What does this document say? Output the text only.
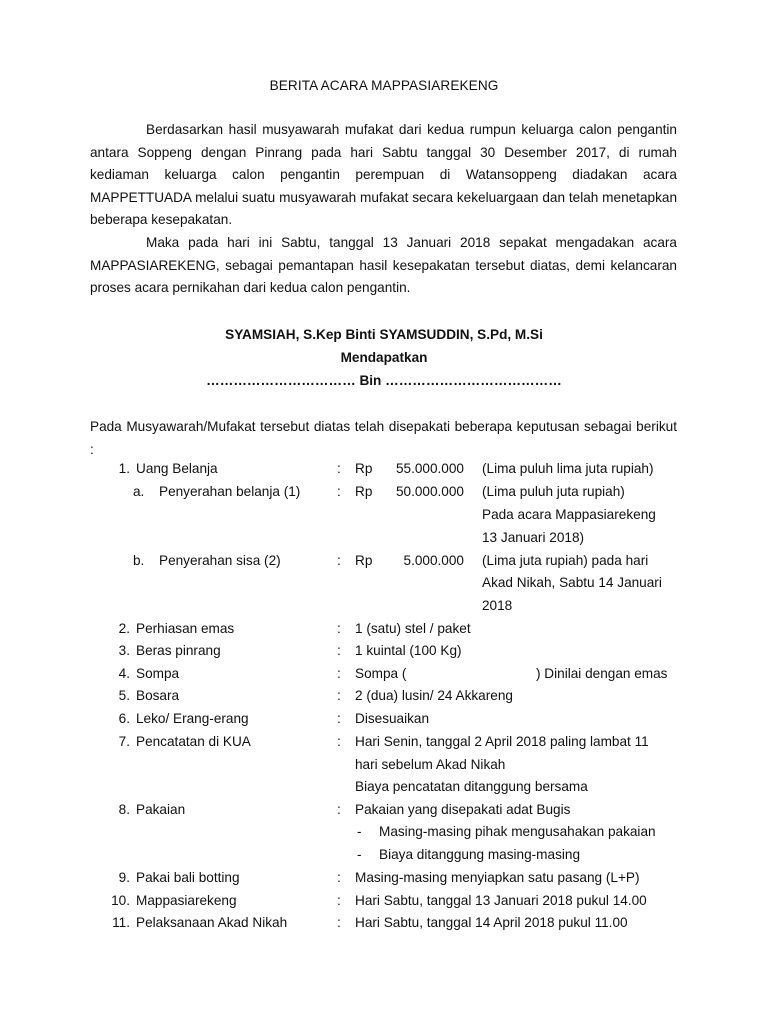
BERITA ACARA MAPPASIAREKENG
Berdasarkan hasil musyawarah mufakat dari kedua rumpun keluarga calon pengantin antara Soppeng dengan Pinrang pada hari Sabtu tanggal 30 Desember 2017, di rumah kediaman keluarga calon pengantin perempuan di Watansoppeng diadakan acara MAPPETTUADA melalui suatu musyawarah mufakat secara kekeluargaan dan telah menetapkan beberapa kesepakatan.
Maka pada hari ini Sabtu, tanggal 13 Januari 2018 sepakat mengadakan acara MAPPASIAREKENG, sebagai pemantapan hasil kesepakatan tersebut diatas, demi kelancaran proses acara pernikahan dari kedua calon pengantin.
SYAMSIAH, S.Kep Binti SYAMSUDDIN, S.Pd, M.Si
Mendapatkan
…………………………… Bin …………………………………
Pada Musyawarah/Mufakat tersebut diatas telah disepakati beberapa keputusan sebagai berikut :
1. Uang Belanja	: Rp	55.000.000 (Lima puluh lima juta rupiah)
a. Penyerahan belanja (1)	: Rp	50.000.000 (Lima puluh juta rupiah)
Pada acara Mappasiarekeng
13 Januari 2018)
b. Penyerahan sisa (2)	: Rp	5.000.000 (Lima juta rupiah) pada hari
Akad Nikah, Sabtu 14 Januari
2018
2. Perhiasan emas	: 1 (satu) stel / paket
3. Beras pinrang	: 1 kuintal (100 Kg)
4. Sompa	: Sompa (	) Dinilai dengan emas
5. Bosara	: 2 (dua) lusin/ 24 Akkareng
6. Leko/ Erang-erang	: Disesuaikan
7. Pencatatan di KUA	: Hari Senin, tanggal 2 April 2018 paling lambat 11
hari sebelum Akad Nikah
Biaya pencatatan ditanggung bersama
8. Pakaian	: Pakaian yang disepakati adat Bugis
- Masing-masing pihak mengusahakan pakaian
- Biaya ditanggung masing-masing
9. Pakai bali botting	: Masing-masing menyiapkan satu pasang (L+P)
10. Mappasiarekeng	: Hari Sabtu, tanggal 13 Januari 2018 pukul 14.00
11. Pelaksanaan Akad Nikah	: Hari Sabtu, tanggal 14 April 2018 pukul 11.00
